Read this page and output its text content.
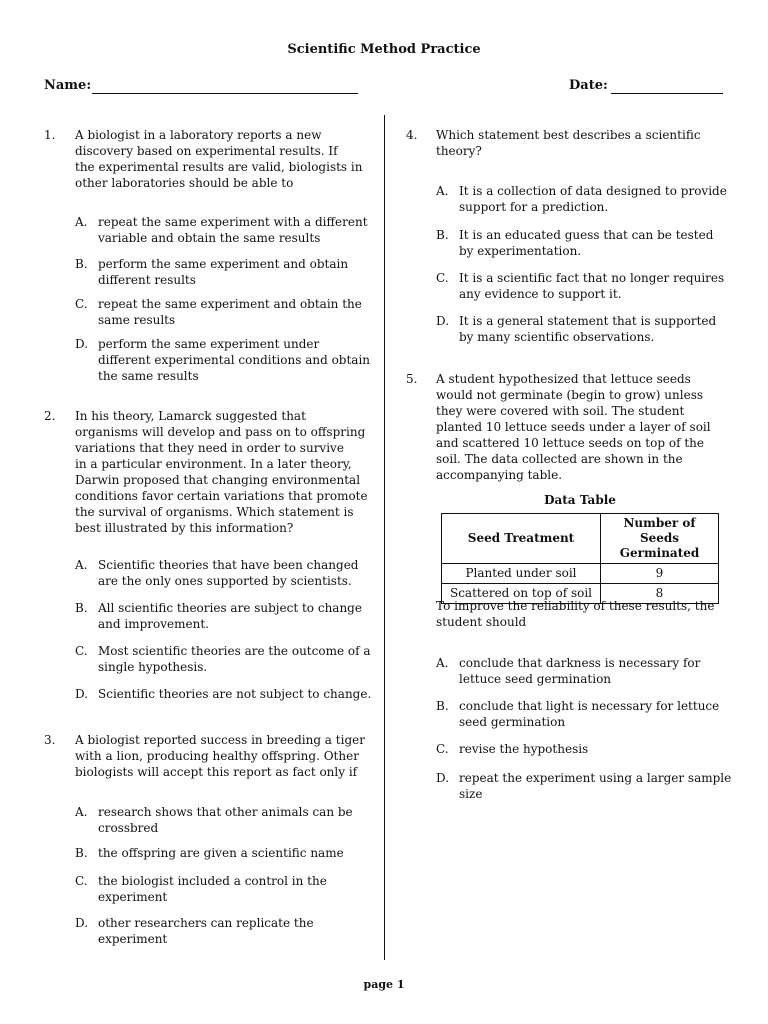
Scientific Method Practice
Name:	Date:
1. A biologist in a laboratory reports a new
discovery based on experimental results. If
the experimental results are valid, biologists in
other laboratories should be able to
A. repeat the same experiment with a different
variable and obtain the same results
B. perform the same experiment and obtain
different results
C. repeat the same experiment and obtain the
same results
D. perform the same experiment under
different experimental conditions and obtain
the same results
2. In his theory, Lamarck suggested that
organisms will develop and pass on to offspring
variations that they need in order to survive
in a particular environment. In a later theory,
Darwin proposed that changing environmental
conditions favor certain variations that promote
the survival of organisms. Which statement is
best illustrated by this information?
A. Scientific theories that have been changed
are the only ones supported by scientists.
B. All scientific theories are subject to change
and improvement.
C. Most scientific theories are the outcome of a
single hypothesis.
D. Scientific theories are not subject to change.
3. A biologist reported success in breeding a tiger
with a lion, producing healthy offspring. Other
biologists will accept this report as fact only if
A. research shows that other animals can be
crossbred
B. the offspring are given a scientific name
C. the biologist included a control in the
experiment
D. other researchers can replicate the
experiment
4. Which statement best describes a scientific
theory?
A. It is a collection of data designed to provide
support for a prediction.
B. It is an educated guess that can be tested
by experimentation.
C. It is a scientific fact that no longer requires
any evidence to support it.
D. It is a general statement that is supported
by many scientific observations.
5. A student hypothesized that lettuce seeds
would not germinate (begin to grow) unless
they were covered with soil. The student
planted 10 lettuce seeds under a layer of soil
and scattered 10 lettuce seeds on top of the
soil. The data collected are shown in the
accompanying table.
Data Table
Seed Treatment	Number of Seeds
Germinated
Planted under soil	9
Scattered on top of soil	8
To improve the reliability of these results, the
student should
A. conclude that darkness is necessary for
lettuce seed germination
B. conclude that light is necessary for lettuce
seed germination
C. revise the hypothesis
D. repeat the experiment using a larger sample
size
page 1
